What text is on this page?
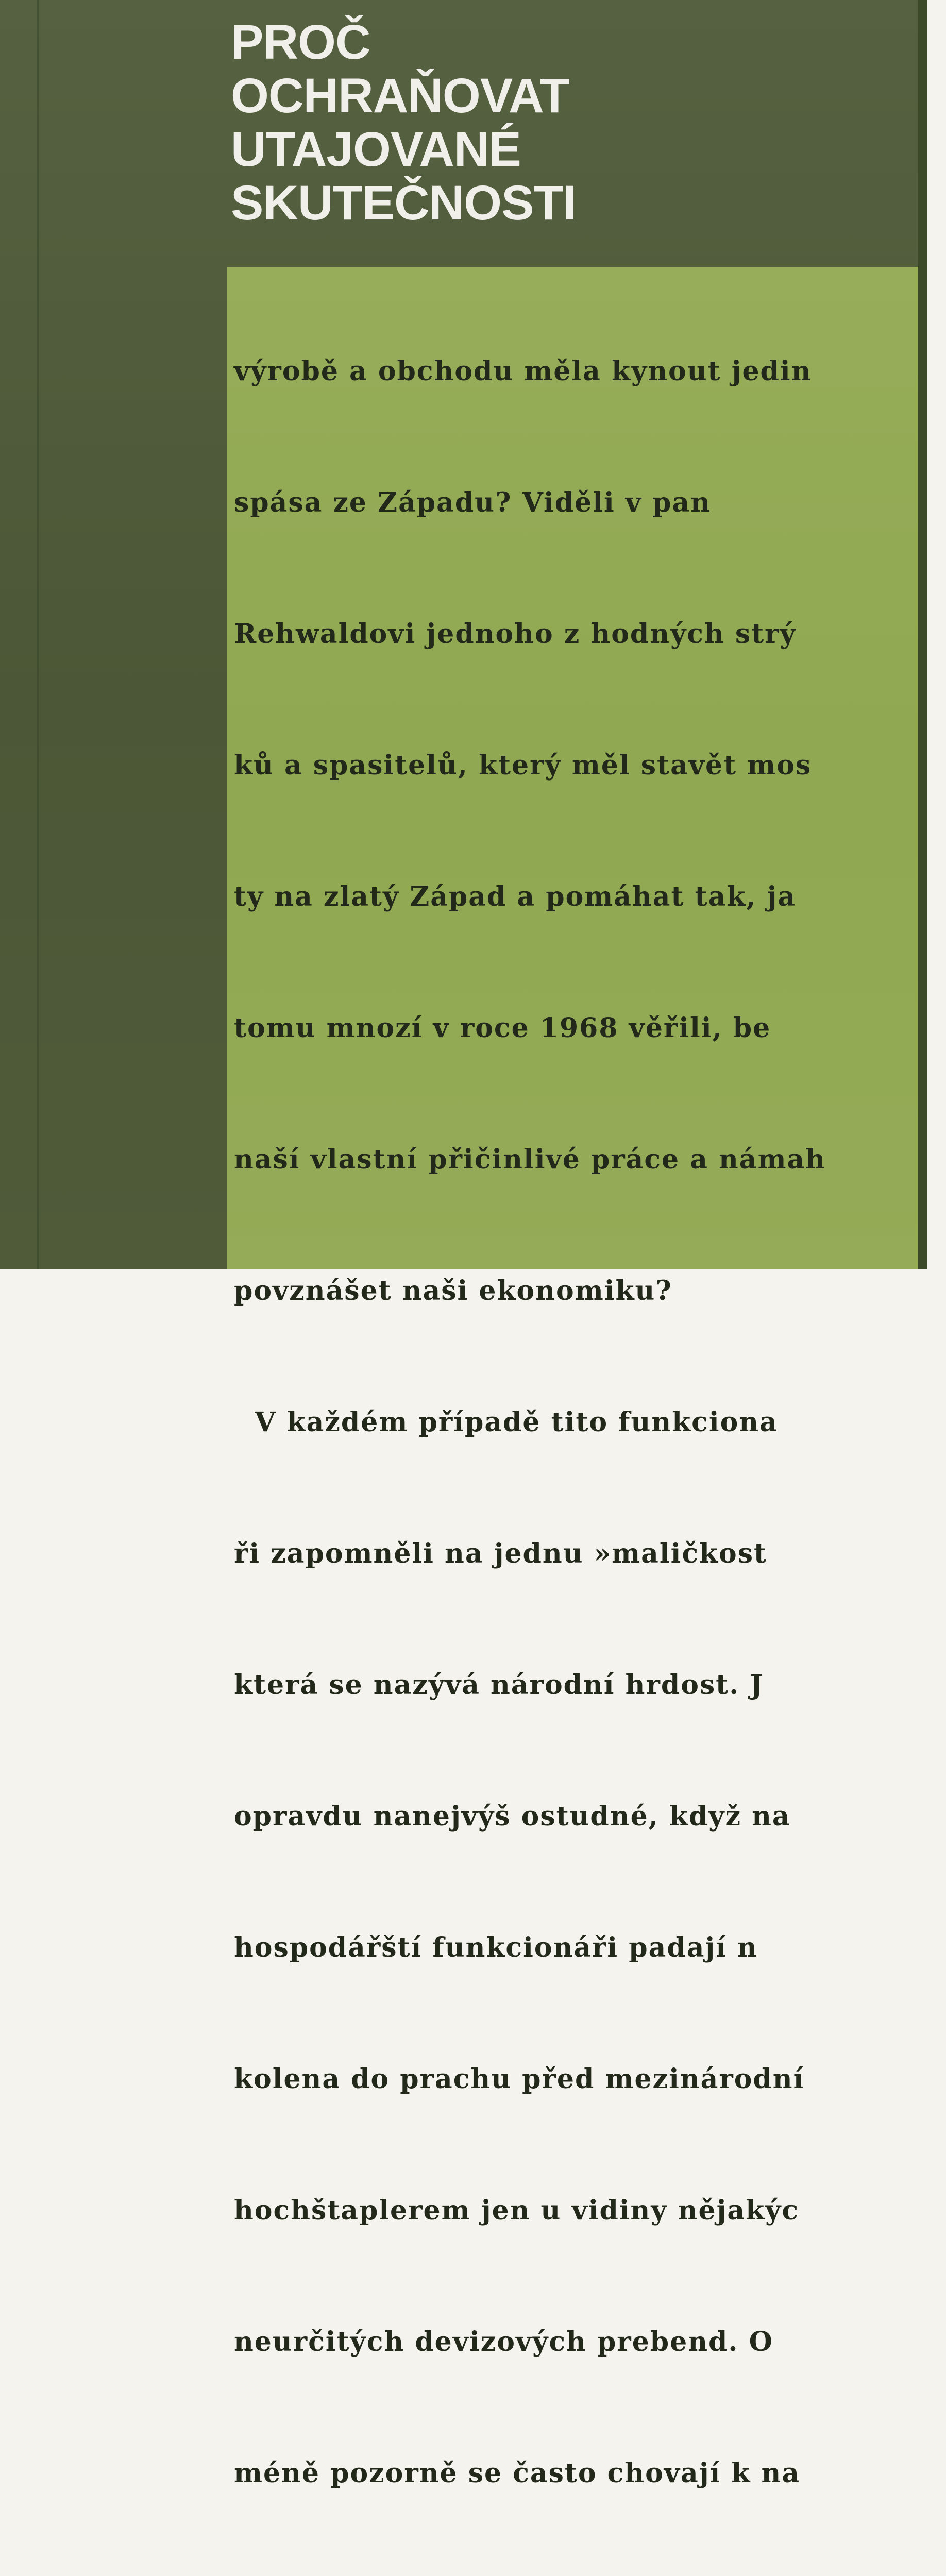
PROČ
OCHRAŇOVAT
UTAJOVANÉ
SKUTEČNOSTI

výrobě a obchodu měla kynout jedin

spása ze Západu? Viděli v pan

Rehwaldovi jednoho z hodných strý

ků a spasitelů, který měl stavět mos

ty na zlatý Západ a pomáhat tak, ja

tomu mnozí v roce 1968 věřili, be

naší vlastní přičinlivé práce a námah

povznášet naši ekonomiku?

V každém případě tito funkciona

ři zapomněli na jednu »maličkost

která se nazývá národní hrdost. J

opravdu nanejvýš ostudné, když na

hospodářští funkcionáři padají n

kolena do prachu před mezinárodní

hochštaplerem jen u vidiny nějakýc

neurčitých devizových prebend. O

méně pozorně se často chovají k na
